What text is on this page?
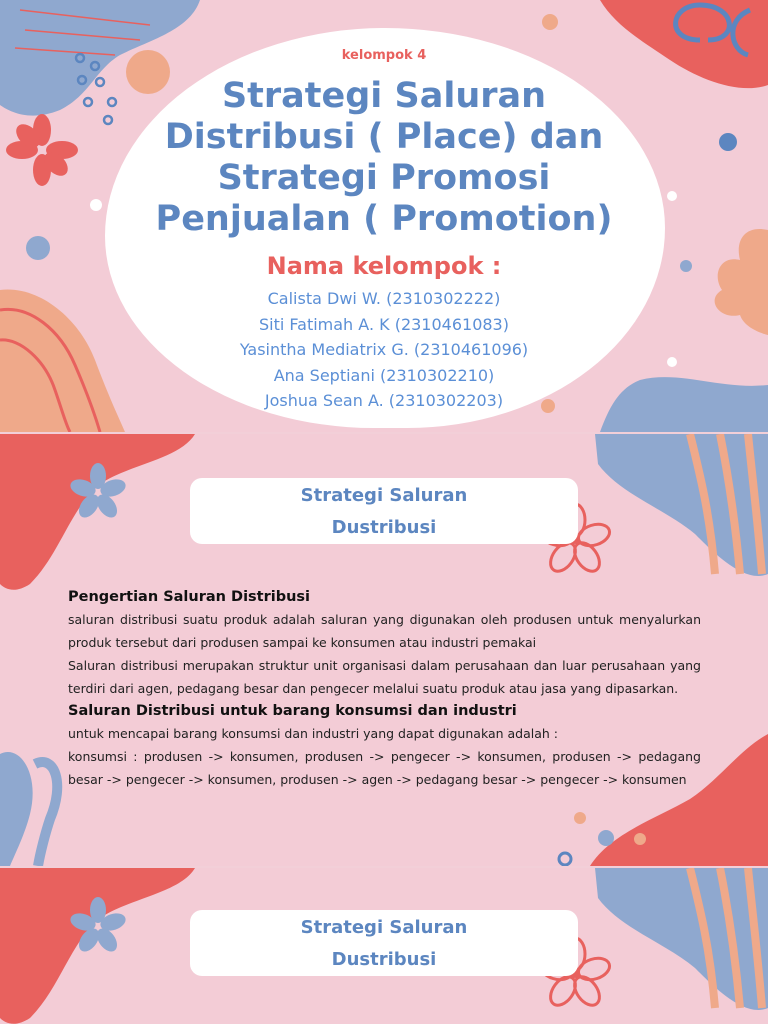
kelompok 4
Strategi Saluran
Distribusi ( Place) dan
Strategi Promosi
Penjualan ( Promotion)
Nama kelompok :
Calista Dwi W. (2310302222)
Siti Fatimah A. K (2310461083)
Yasintha Mediatrix G. (2310461096)
Ana Septiani (2310302210)
Joshua Sean A. (2310302203)
Strategi Saluran
Dustribusi
Pengertian Saluran Distribusi

saluran distribusi suatu produk adalah saluran yang digunakan oleh produsen untuk menyalurkan produk tersebut dari produsen sampai ke konsumen atau industri pemakai

Saluran distribusi merupakan struktur unit organisasi dalam perusahaan dan luar perusahaan yang terdiri dari agen, pedagang besar dan pengecer melalui suatu produk atau jasa yang dipasarkan.

Saluran Distribusi untuk barang konsumsi dan industri

untuk mencapai barang konsumsi dan industri yang dapat digunakan adalah :

konsumsi : produsen -> konsumen, produsen -> pengecer -> konsumen, produsen -> pedagang besar -> pengecer -> konsumen, produsen -> agen -> pedagang besar -> pengecer -> konsumen

Strategi Saluran
Dustribusi
